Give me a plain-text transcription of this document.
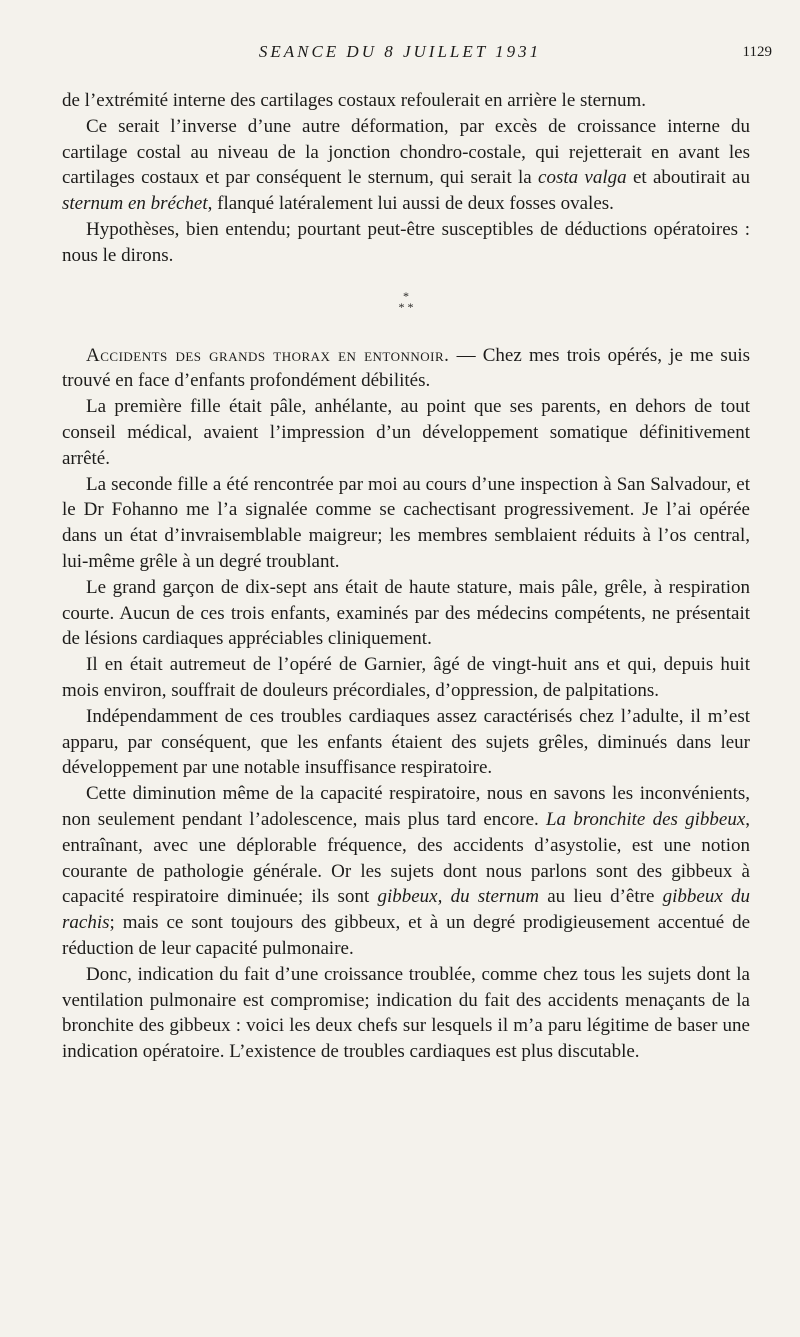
SEANCE DU 8 JUILLET 1931	1129

de l’extrémité interne des cartilages costaux refoulerait en arrière le sternum.

Ce serait l’inverse d’une autre déformation, par excès de croissance interne du cartilage costal au niveau de la jonction chondro-costale, qui rejetterait en avant les cartilages costaux et par conséquent le sternum, qui serait la costa valga et aboutirait au sternum en bréchet, flanqué latéralement lui aussi de deux fosses ovales.

Hypothèses, bien entendu; pourtant peut-être susceptibles de déductions opératoires : nous le dirons.

*
* *

Accidents des grands thorax en entonnoir. — Chez mes trois opérés, je me suis trouvé en face d’enfants profondément débilités.

La première fille était pâle, anhélante, au point que ses parents, en dehors de tout conseil médical, avaient l’impression d’un développement somatique définitivement arrêté.

La seconde fille a été rencontrée par moi au cours d’une inspection à San Salvadour, et le Dr Fohanno me l’a signalée comme se cachectisant progressivement. Je l’ai opérée dans un état d’invraisemblable maigreur; les membres semblaient réduits à l’os central, lui-même grêle à un degré troublant.

Le grand garçon de dix-sept ans était de haute stature, mais pâle, grêle, à respiration courte. Aucun de ces trois enfants, examinés par des médecins compétents, ne présentait de lésions cardiaques appréciables cliniquement.

Il en était autremeut de l’opéré de Garnier, âgé de vingt-huit ans et qui, depuis huit mois environ, souffrait de douleurs précordiales, d’oppression, de palpitations.

Indépendamment de ces troubles cardiaques assez caractérisés chez l’adulte, il m’est apparu, par conséquent, que les enfants étaient des sujets grêles, diminués dans leur développement par une notable insuffisance respiratoire.

Cette diminution même de la capacité respiratoire, nous en savons les inconvénients, non seulement pendant l’adolescence, mais plus tard encore. La bronchite des gibbeux, entraînant, avec une déplorable fréquence, des accidents d’asystolie, est une notion courante de pathologie générale. Or les sujets dont nous parlons sont des gibbeux à capacité respiratoire diminuée; ils sont gibbeux, du sternum au lieu d’être gibbeux du rachis; mais ce sont toujours des gibbeux, et à un degré prodigieusement accentué de réduction de leur capacité pulmonaire.

Donc, indication du fait d’une croissance troublée, comme chez tous les sujets dont la ventilation pulmonaire est compromise; indication du fait des accidents menaçants de la bronchite des gibbeux : voici les deux chefs sur lesquels il m’a paru légitime de baser une indication opératoire. L’existence de troubles cardiaques est plus discutable.
